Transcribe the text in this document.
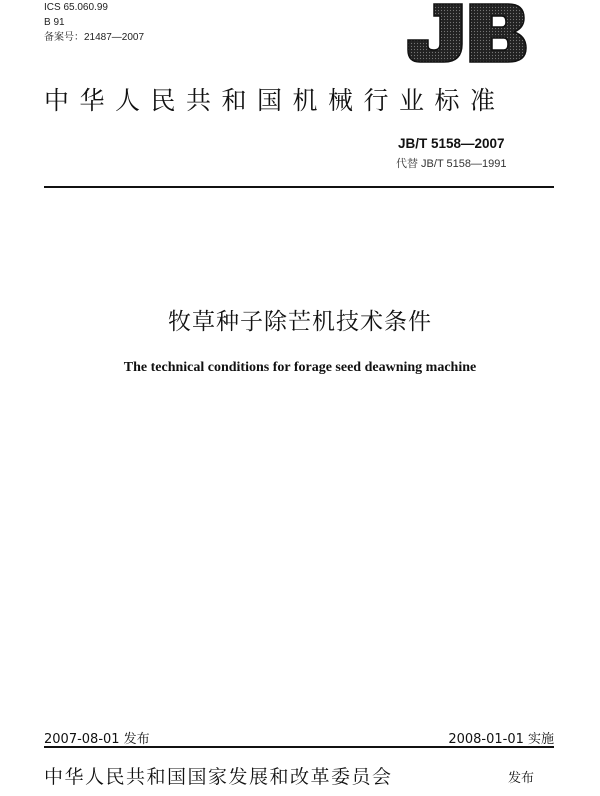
ICS 65.060.99
B 91
备案号：21487—2007
中华人民共和国机械行业标准
JB/T 5158—2007
代替 JB/T 5158—1991
牧草种子除芒机技术条件
The technical conditions for forage seed deawning machine
2007-08-01 发布	2008-01-01 实施
中华人民共和国国家发展和改革委员会	发布
